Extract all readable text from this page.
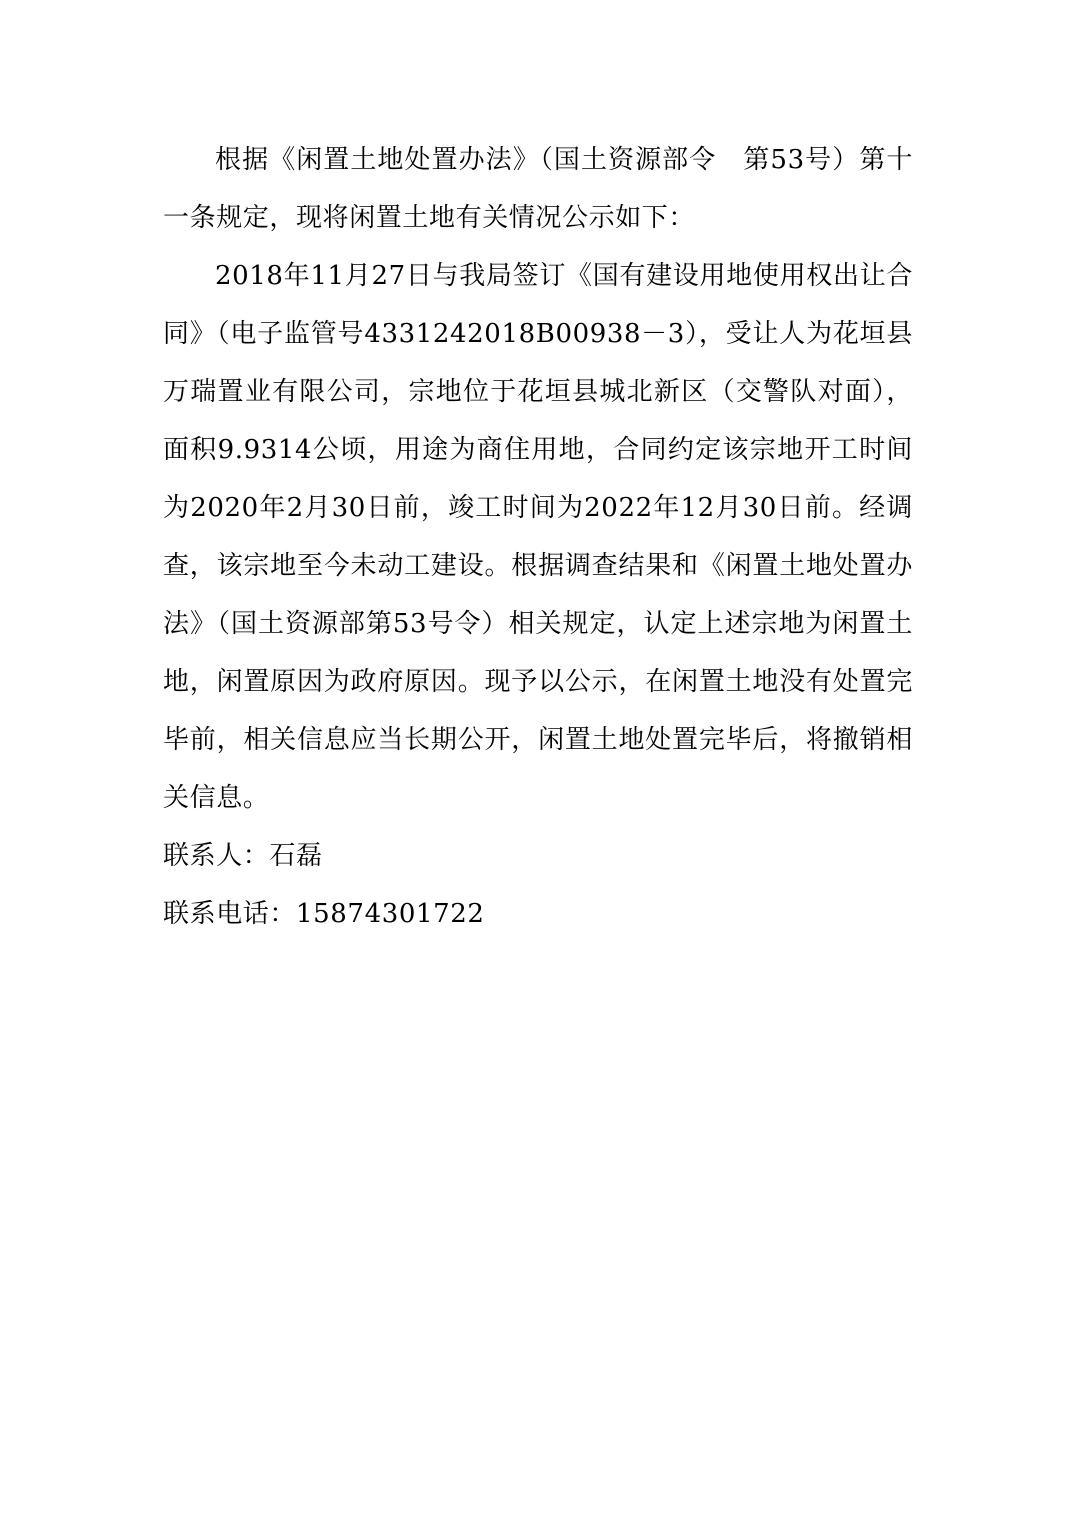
根据《闲置土地处置办法》（国土资源部令　第53号）第十一条规定，现将闲置土地有关情况公示如下：

2018年11月27日与我局签订《国有建设用地使用权出让合同》（电子监管号4331242018B00938－3），受让人为花垣县万瑞置业有限公司，宗地位于花垣县城北新区（交警队对面），面积9.9314公顷，用途为商住用地，合同约定该宗地开工时间为2020年2月30日前，竣工时间为2022年12月30日前。经调查，该宗地至今未动工建设。根据调查结果和《闲置土地处置办法》（国土资源部第53号令）相关规定，认定上述宗地为闲置土地，闲置原因为政府原因。现予以公示，在闲置土地没有处置完毕前，相关信息应当长期公开，闲置土地处置完毕后，将撤销相关信息。

联系人：石磊

联系电话：15874301722
